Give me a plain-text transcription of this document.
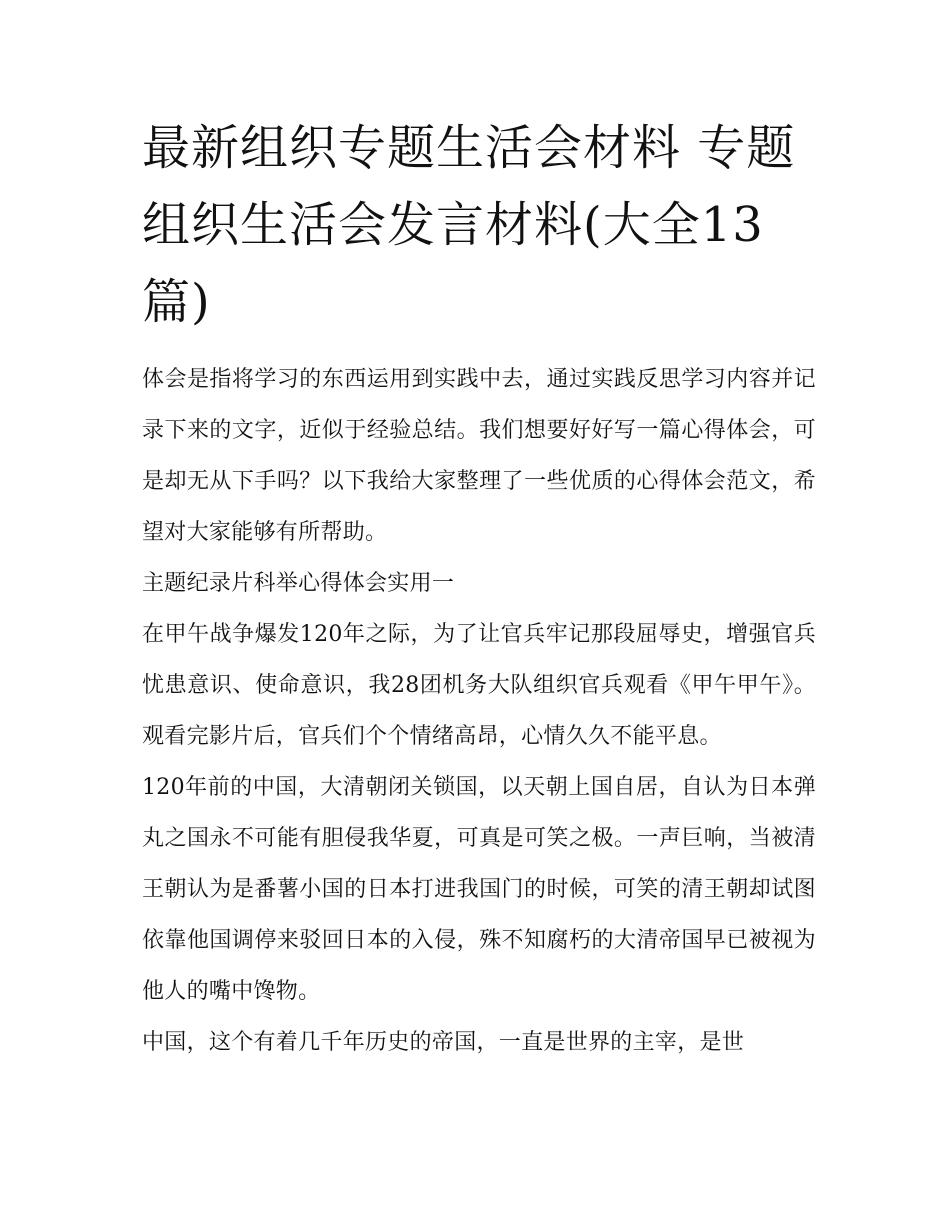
最新组织专题生活会材料 专题组织生活会发言材料(大全13篇)

体会是指将学习的东西运用到实践中去，通过实践反思学习内容并记录下来的文字，近似于经验总结。我们想要好好写一篇心得体会，可是却无从下手吗？以下我给大家整理了一些优质的心得体会范文，希望对大家能够有所帮助。

主题纪录片科举心得体会实用一

在甲午战争爆发120年之际，为了让官兵牢记那段屈辱史，增强官兵忧患意识、使命意识，我28团机务大队组织官兵观看《甲午甲午》。观看完影片后，官兵们个个情绪高昂，心情久久不能平息。

120年前的中国，大清朝闭关锁国，以天朝上国自居，自认为日本弹丸之国永不可能有胆侵我华夏，可真是可笑之极。一声巨响，当被清王朝认为是番薯小国的日本打进我国门的时候，可笑的清王朝却试图依靠他国调停来驳回日本的入侵，殊不知腐朽的大清帝国早已被视为他人的嘴中馋物。

中国，这个有着几千年历史的帝国，一直是世界的主宰，是世
